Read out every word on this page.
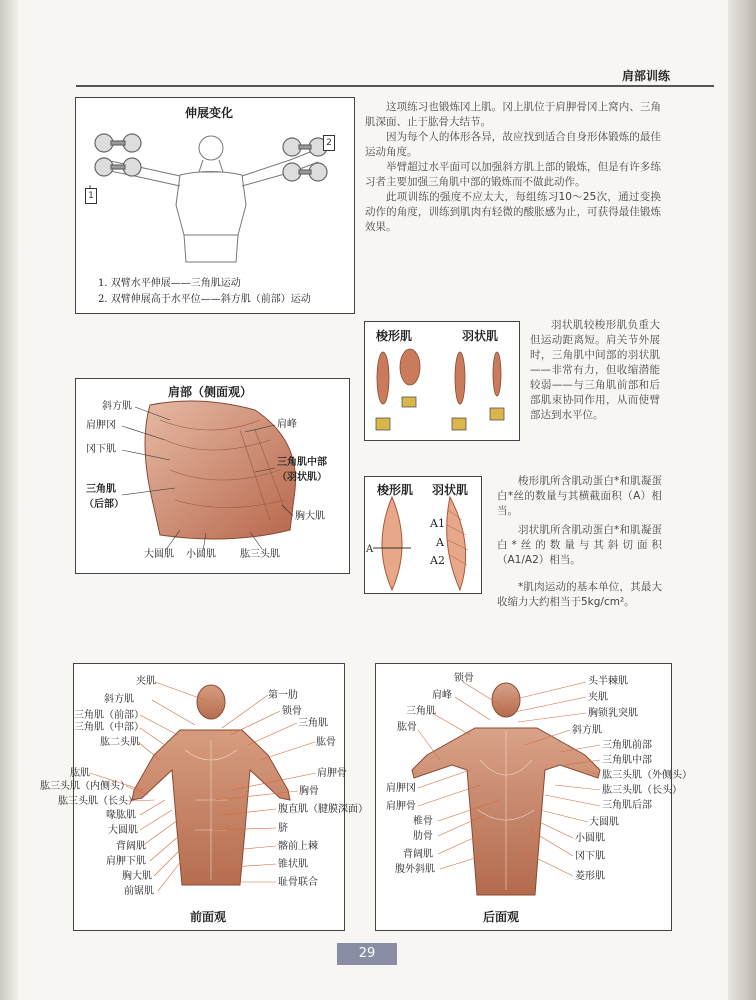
肩部训练
伸展变化
1
2
1. 双臂水平伸展——三角肌运动
2. 双臂伸展高于水平位——斜方肌（前部）运动

这项练习也锻炼冈上肌。冈上肌位于肩胛骨冈上窝内、三角肌深面、止于肱骨大结节。

因为每个人的体形各异，故应找到适合自身形体锻炼的最佳运动角度。

举臂超过水平面可以加强斜方肌上部的锻炼，但是有许多练习者主要加强三角肌中部的锻炼而不做此动作。

此项训练的强度不应太大，每组练习10～25次，通过变换动作的角度，训练到肌肉有轻微的酸胀感为止，可获得最佳锻炼效果。

梭形肌	羽状肌
羽状肌较梭形肌负重大但运动距离短。肩关节外展时，三角肌中间部的羽状肌——非常有力，但收缩潜能较弱——与三角肌前部和后部肌束协同作用，从而使臂部达到水平位。
肩部（侧面观）
斜方肌
肩胛冈
冈下肌
肩峰
三角肌中部
（羽状肌）
三角肌
（后部）
胸大肌
大圆肌 小圆肌 肱三头肌
梭形肌 羽状肌
A
A1
A
A2

梭形肌所含肌动蛋白*和肌凝蛋白*丝的数量与其横截面积（A）相当。

羽状肌所含肌动蛋白*和肌凝蛋白*丝的数量与其斜切面积（A1/A2）相当。

*肌肉运动的基本单位，其最大收缩力大约相当于5kg/cm²。

夹肌
斜方肌
三角肌（前部）
三角肌（中部）
肱二头肌
肱肌
肱三头肌（内侧头）
肱三头肌（长头）
喙肱肌
大圆肌
背阔肌
肩胛下肌
胸大肌
前锯肌
第一肋
锁骨
三角肌
肱骨
肩胛骨
胸骨
腹直肌（腱膜深面）
脐
髂前上棘
锥状肌
耻骨联合
前面观
锁骨
肩峰
三角肌
肱骨
肩胛冈
肩胛骨
椎骨
肋骨
背阔肌
腹外斜肌
头半棘肌
夹肌
胸锁乳突肌
斜方肌
三角肌前部
三角肌中部
肱三头肌（外侧头）
肱三头肌（长头）
三角肌后部
大圆肌
小圆肌
冈下肌
菱形肌
后面观
29
